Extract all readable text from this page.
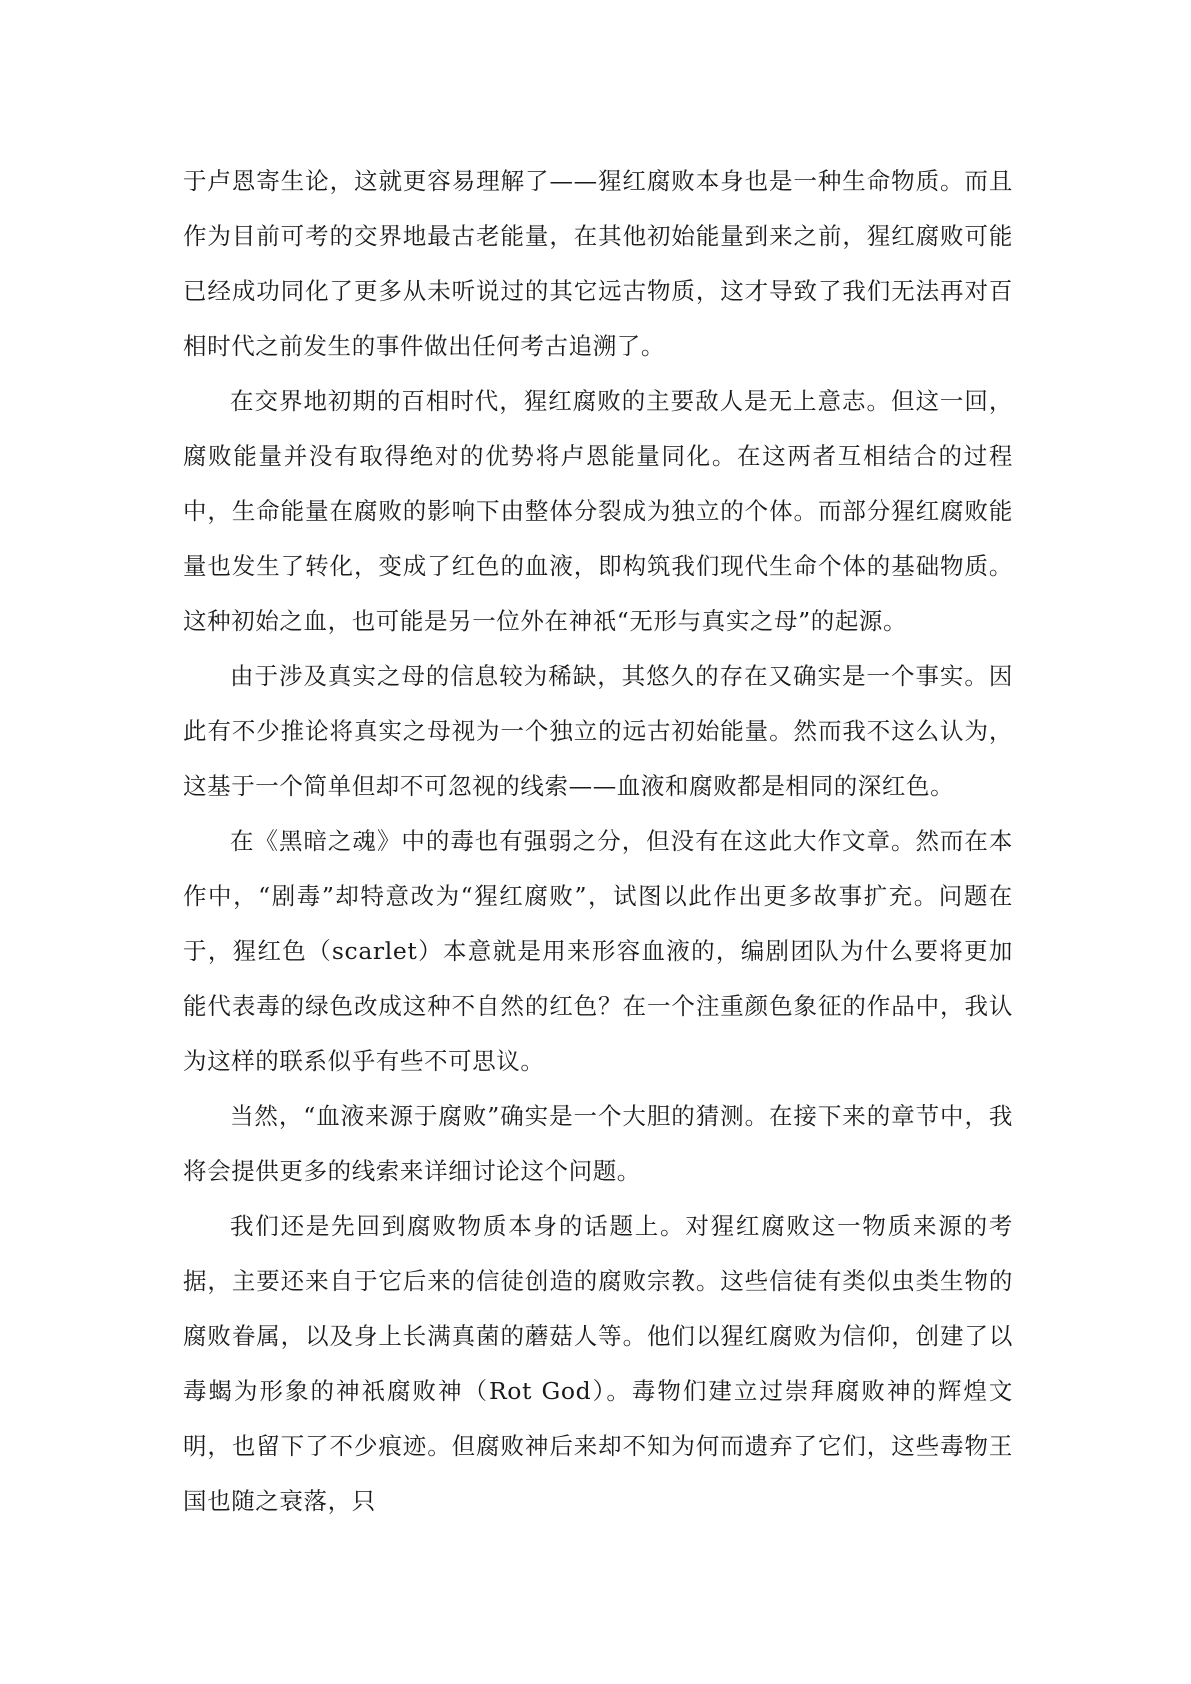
于卢恩寄生论，这就更容易理解了——猩红腐败本身也是一种生命物质。而且作为目前可考的交界地最古老能量，在其他初始能量到来之前，猩红腐败可能已经成功同化了更多从未听说过的其它远古物质，这才导致了我们无法再对百相时代之前发生的事件做出任何考古追溯了。

在交界地初期的百相时代，猩红腐败的主要敌人是无上意志。但这一回，腐败能量并没有取得绝对的优势将卢恩能量同化。在这两者互相结合的过程中，生命能量在腐败的影响下由整体分裂成为独立的个体。而部分猩红腐败能量也发生了转化，变成了红色的血液，即构筑我们现代生命个体的基础物质。这种初始之血，也可能是另一位外在神祇“无形与真实之母”的起源。

由于涉及真实之母的信息较为稀缺，其悠久的存在又确实是一个事实。因此有不少推论将真实之母视为一个独立的远古初始能量。然而我不这么认为，这基于一个简单但却不可忽视的线索——血液和腐败都是相同的深红色。

在《黑暗之魂》中的毒也有强弱之分，但没有在这此大作文章。然而在本作中，“剧毒”却特意改为“猩红腐败”，试图以此作出更多故事扩充。问题在于，猩红色（scarlet）本意就是用来形容血液的，编剧团队为什么要将更加能代表毒的绿色改成这种不自然的红色？在一个注重颜色象征的作品中，我认为这样的联系似乎有些不可思议。

当然，“血液来源于腐败”确实是一个大胆的猜测。在接下来的章节中，我将会提供更多的线索来详细讨论这个问题。

我们还是先回到腐败物质本身的话题上。对猩红腐败这一物质来源的考据，主要还来自于它后来的信徒创造的腐败宗教。这些信徒有类似虫类生物的腐败眷属，以及身上长满真菌的蘑菇人等。他们以猩红腐败为信仰，创建了以毒蝎为形象的神祇腐败神（Rot God）。毒物们建立过崇拜腐败神的辉煌文明，也留下了不少痕迹。但腐败神后来却不知为何而遗弃了它们，这些毒物王国也随之衰落，只
